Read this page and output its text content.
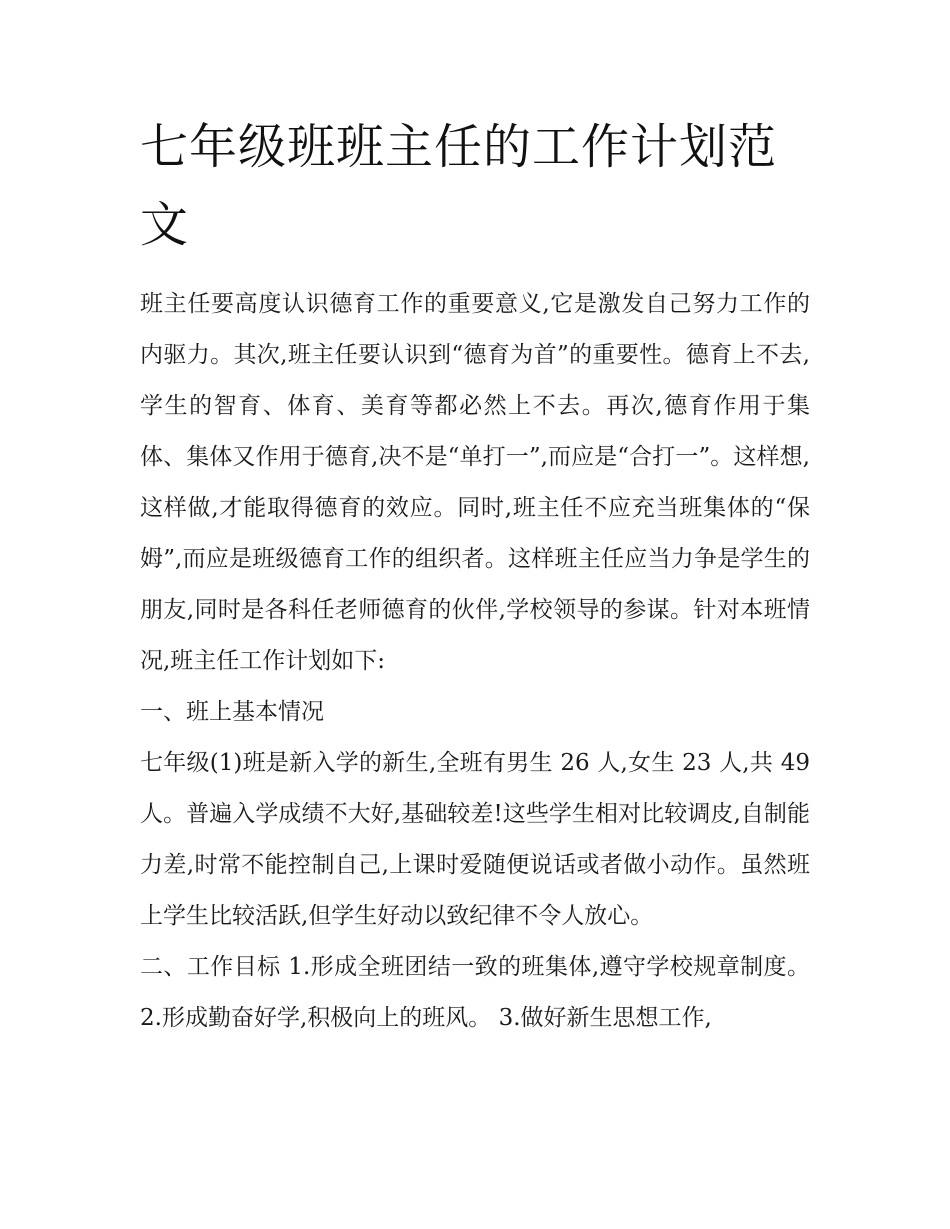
七年级班班主任的工作计划范文

班主任要高度认识德育工作的重要意义,它是激发自己努力工作的内驱力。其次,班主任要认识到“德育为首”的重要性。德育上不去,学生的智育、体育、美育等都必然上不去。再次,德育作用于集体、集体又作用于德育,决不是“单打一”,而应是“合打一”。这样想,这样做,才能取得德育的效应。同时,班主任不应充当班集体的“保姆”,而应是班级德育工作的组织者。这样班主任应当力争是学生的朋友,同时是各科任老师德育的伙伴,学校领导的参谋。针对本班情况,班主任工作计划如下:

一、班上基本情况

七年级(1)班是新入学的新生,全班有男生 26 人,女生 23 人,共 49 人。普遍入学成绩不大好,基础较差!这些学生相对比较调皮,自制能力差,时常不能控制自己,上课时爱随便说话或者做小动作。虽然班上学生比较活跃,但学生好动以致纪律不令人放心。

二、工作目标 1.形成全班团结一致的班集体,遵守学校规章制度。 2.形成勤奋好学,积极向上的班风。 3.做好新生思想工作,
